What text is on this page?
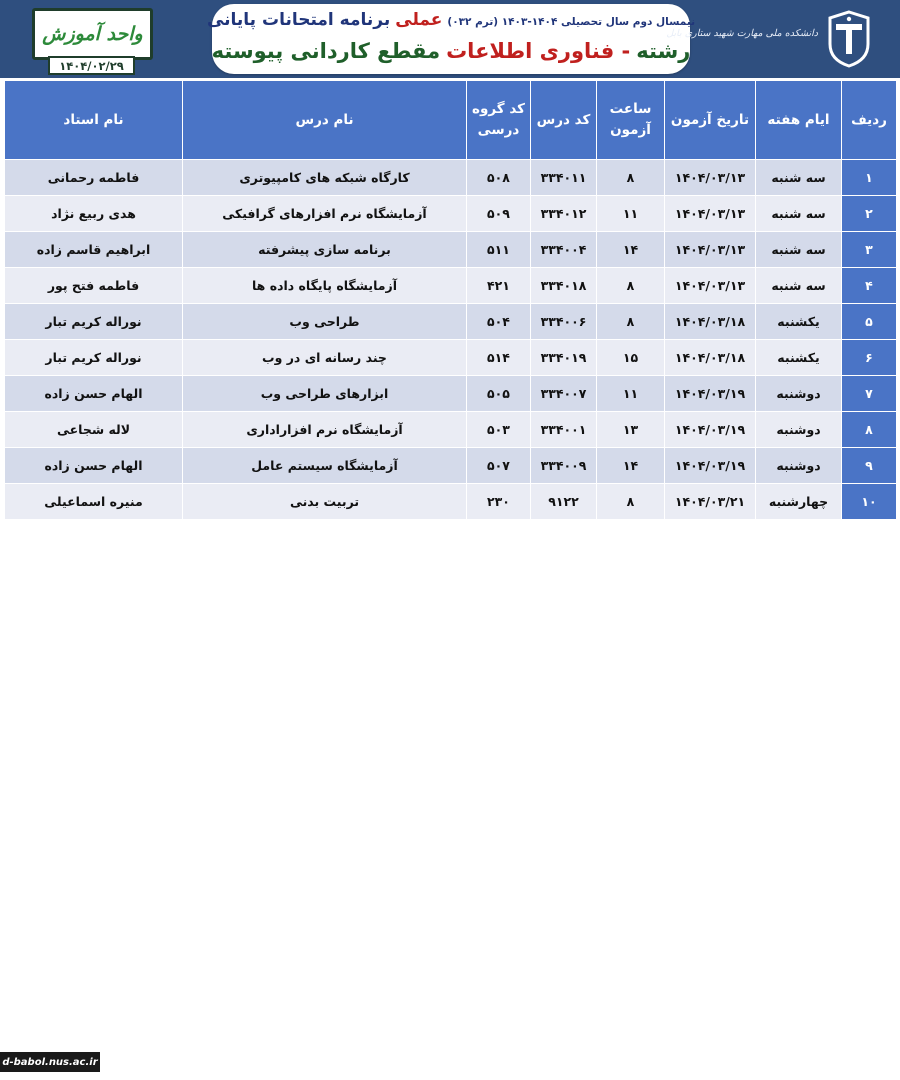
واحد آموزش
۱۴۰۴/۰۲/۲۹
برنامه امتحانات پایانی عملی نیمسال دوم سال تحصیلی ۱۴۰۴-۱۴۰۳ (ترم ۰۳۲)
رشته
فناوری اطلاعات -
مقطع کاردانی پیوسته
دانشکده ملی مهارت شهید ستاری بابل
ردیف	ایام هفته	تاریخ آزمون	ساعت آزمون	کد درس	کد گروه درسی	نام درس	نام استاد
۱	سه شنبه	۱۴۰۴/۰۳/۱۳	۸	۳۳۴۰۱۱	۵۰۸	کارگاه شبکه های کامپیوتری	فاطمه رحمانی
۲	سه شنبه	۱۴۰۴/۰۳/۱۳	۱۱	۳۳۴۰۱۲	۵۰۹	آزمایشگاه نرم افزارهای گرافیکی	هدی ربیع نژاد
۳	سه شنبه	۱۴۰۴/۰۳/۱۳	۱۴	۳۳۴۰۰۴	۵۱۱	برنامه سازی پیشرفته	ابراهیم قاسم زاده
۴	سه شنبه	۱۴۰۴/۰۳/۱۳	۸	۳۳۴۰۱۸	۴۲۱	آزمایشگاه پایگاه داده ها	فاطمه فتح پور
۵	یکشنبه	۱۴۰۴/۰۳/۱۸	۸	۳۳۴۰۰۶	۵۰۴	طراحی وب	نوراله کریم تبار
۶	یکشنبه	۱۴۰۴/۰۳/۱۸	۱۵	۳۳۴۰۱۹	۵۱۴	چند رسانه ای در وب	نوراله کریم تبار
۷	دوشنبه	۱۴۰۴/۰۳/۱۹	۱۱	۳۳۴۰۰۷	۵۰۵	ابزارهای طراحی وب	الهام حسن زاده
۸	دوشنبه	۱۴۰۴/۰۳/۱۹	۱۳	۳۳۴۰۰۱	۵۰۳	آزمایشگاه نرم افزاراداری	لاله شجاعی
۹	دوشنبه	۱۴۰۴/۰۳/۱۹	۱۴	۳۳۴۰۰۹	۵۰۷	آزمایشگاه سیستم عامل	الهام حسن زاده
۱۰	چهارشنبه	۱۴۰۴/۰۳/۲۱	۸	۹۱۲۲	۲۳۰	تربیت بدنی	منیره اسماعیلی
d-babol.nus.ac.ir
